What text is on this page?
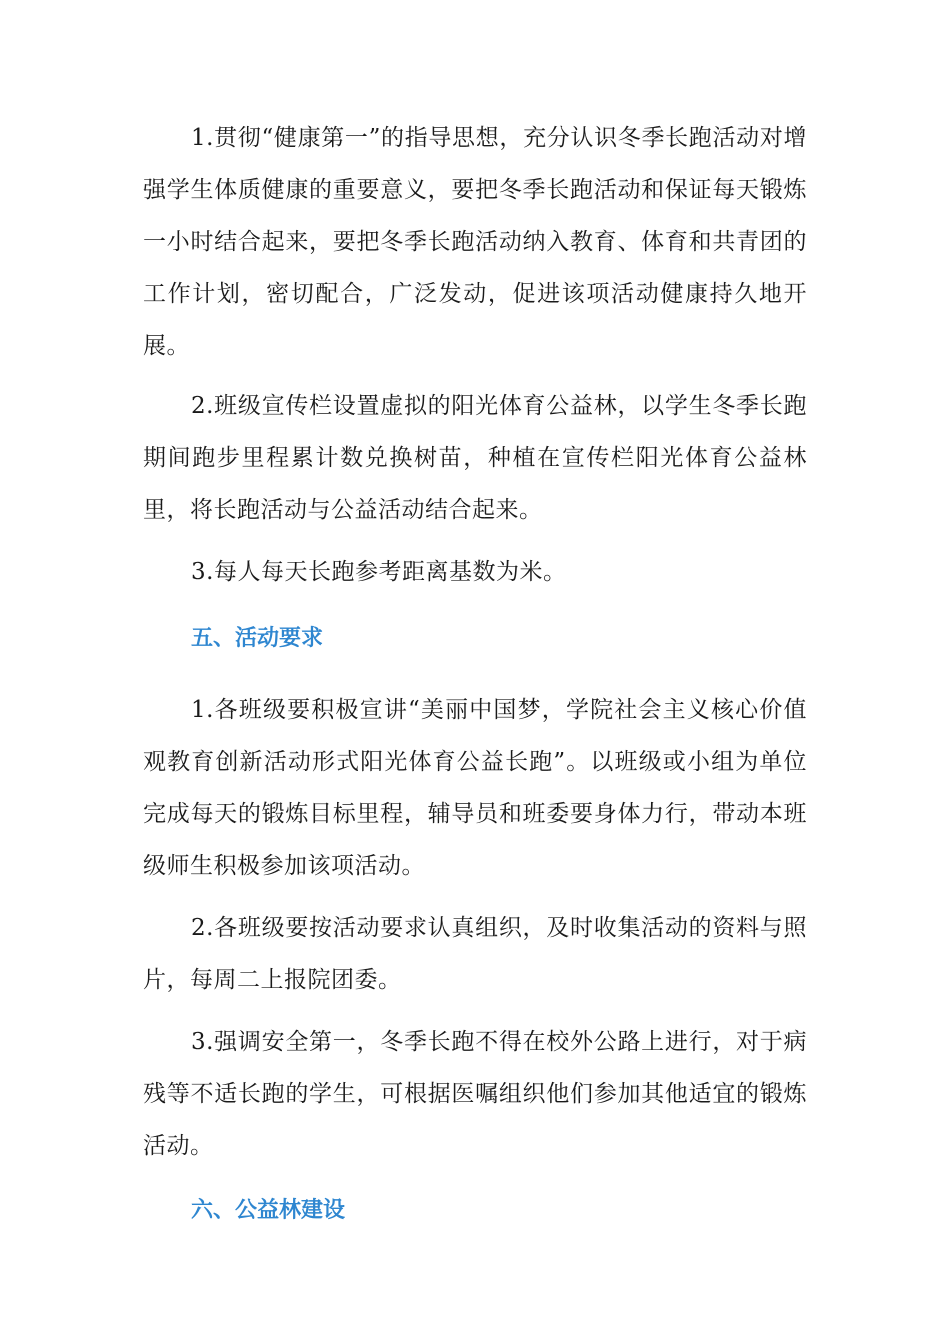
1.贯彻“健康第一”的指导思想，充分认识冬季长跑活动对增强学生体质健康的重要意义，要把冬季长跑活动和保证每天锻炼一小时结合起来，要把冬季长跑活动纳入教育、体育和共青团的工作计划，密切配合，广泛发动，促进该项活动健康持久地开展。

2.班级宣传栏设置虚拟的阳光体育公益林，以学生冬季长跑期间跑步里程累计数兑换树苗，种植在宣传栏阳光体育公益林里，将长跑活动与公益活动结合起来。

3.每人每天长跑参考距离基数为米。

五、活动要求

1.各班级要积极宣讲“美丽中国梦，学院社会主义核心价值观教育创新活动形式阳光体育公益长跑”。以班级或小组为单位完成每天的锻炼目标里程，辅导员和班委要身体力行，带动本班级师生积极参加该项活动。

2.各班级要按活动要求认真组织，及时收集活动的资料与照片，每周二上报院团委。

3.强调安全第一，冬季长跑不得在校外公路上进行，对于病残等不适长跑的学生，可根据医嘱组织他们参加其他适宜的锻炼活动。

六、公益林建设
